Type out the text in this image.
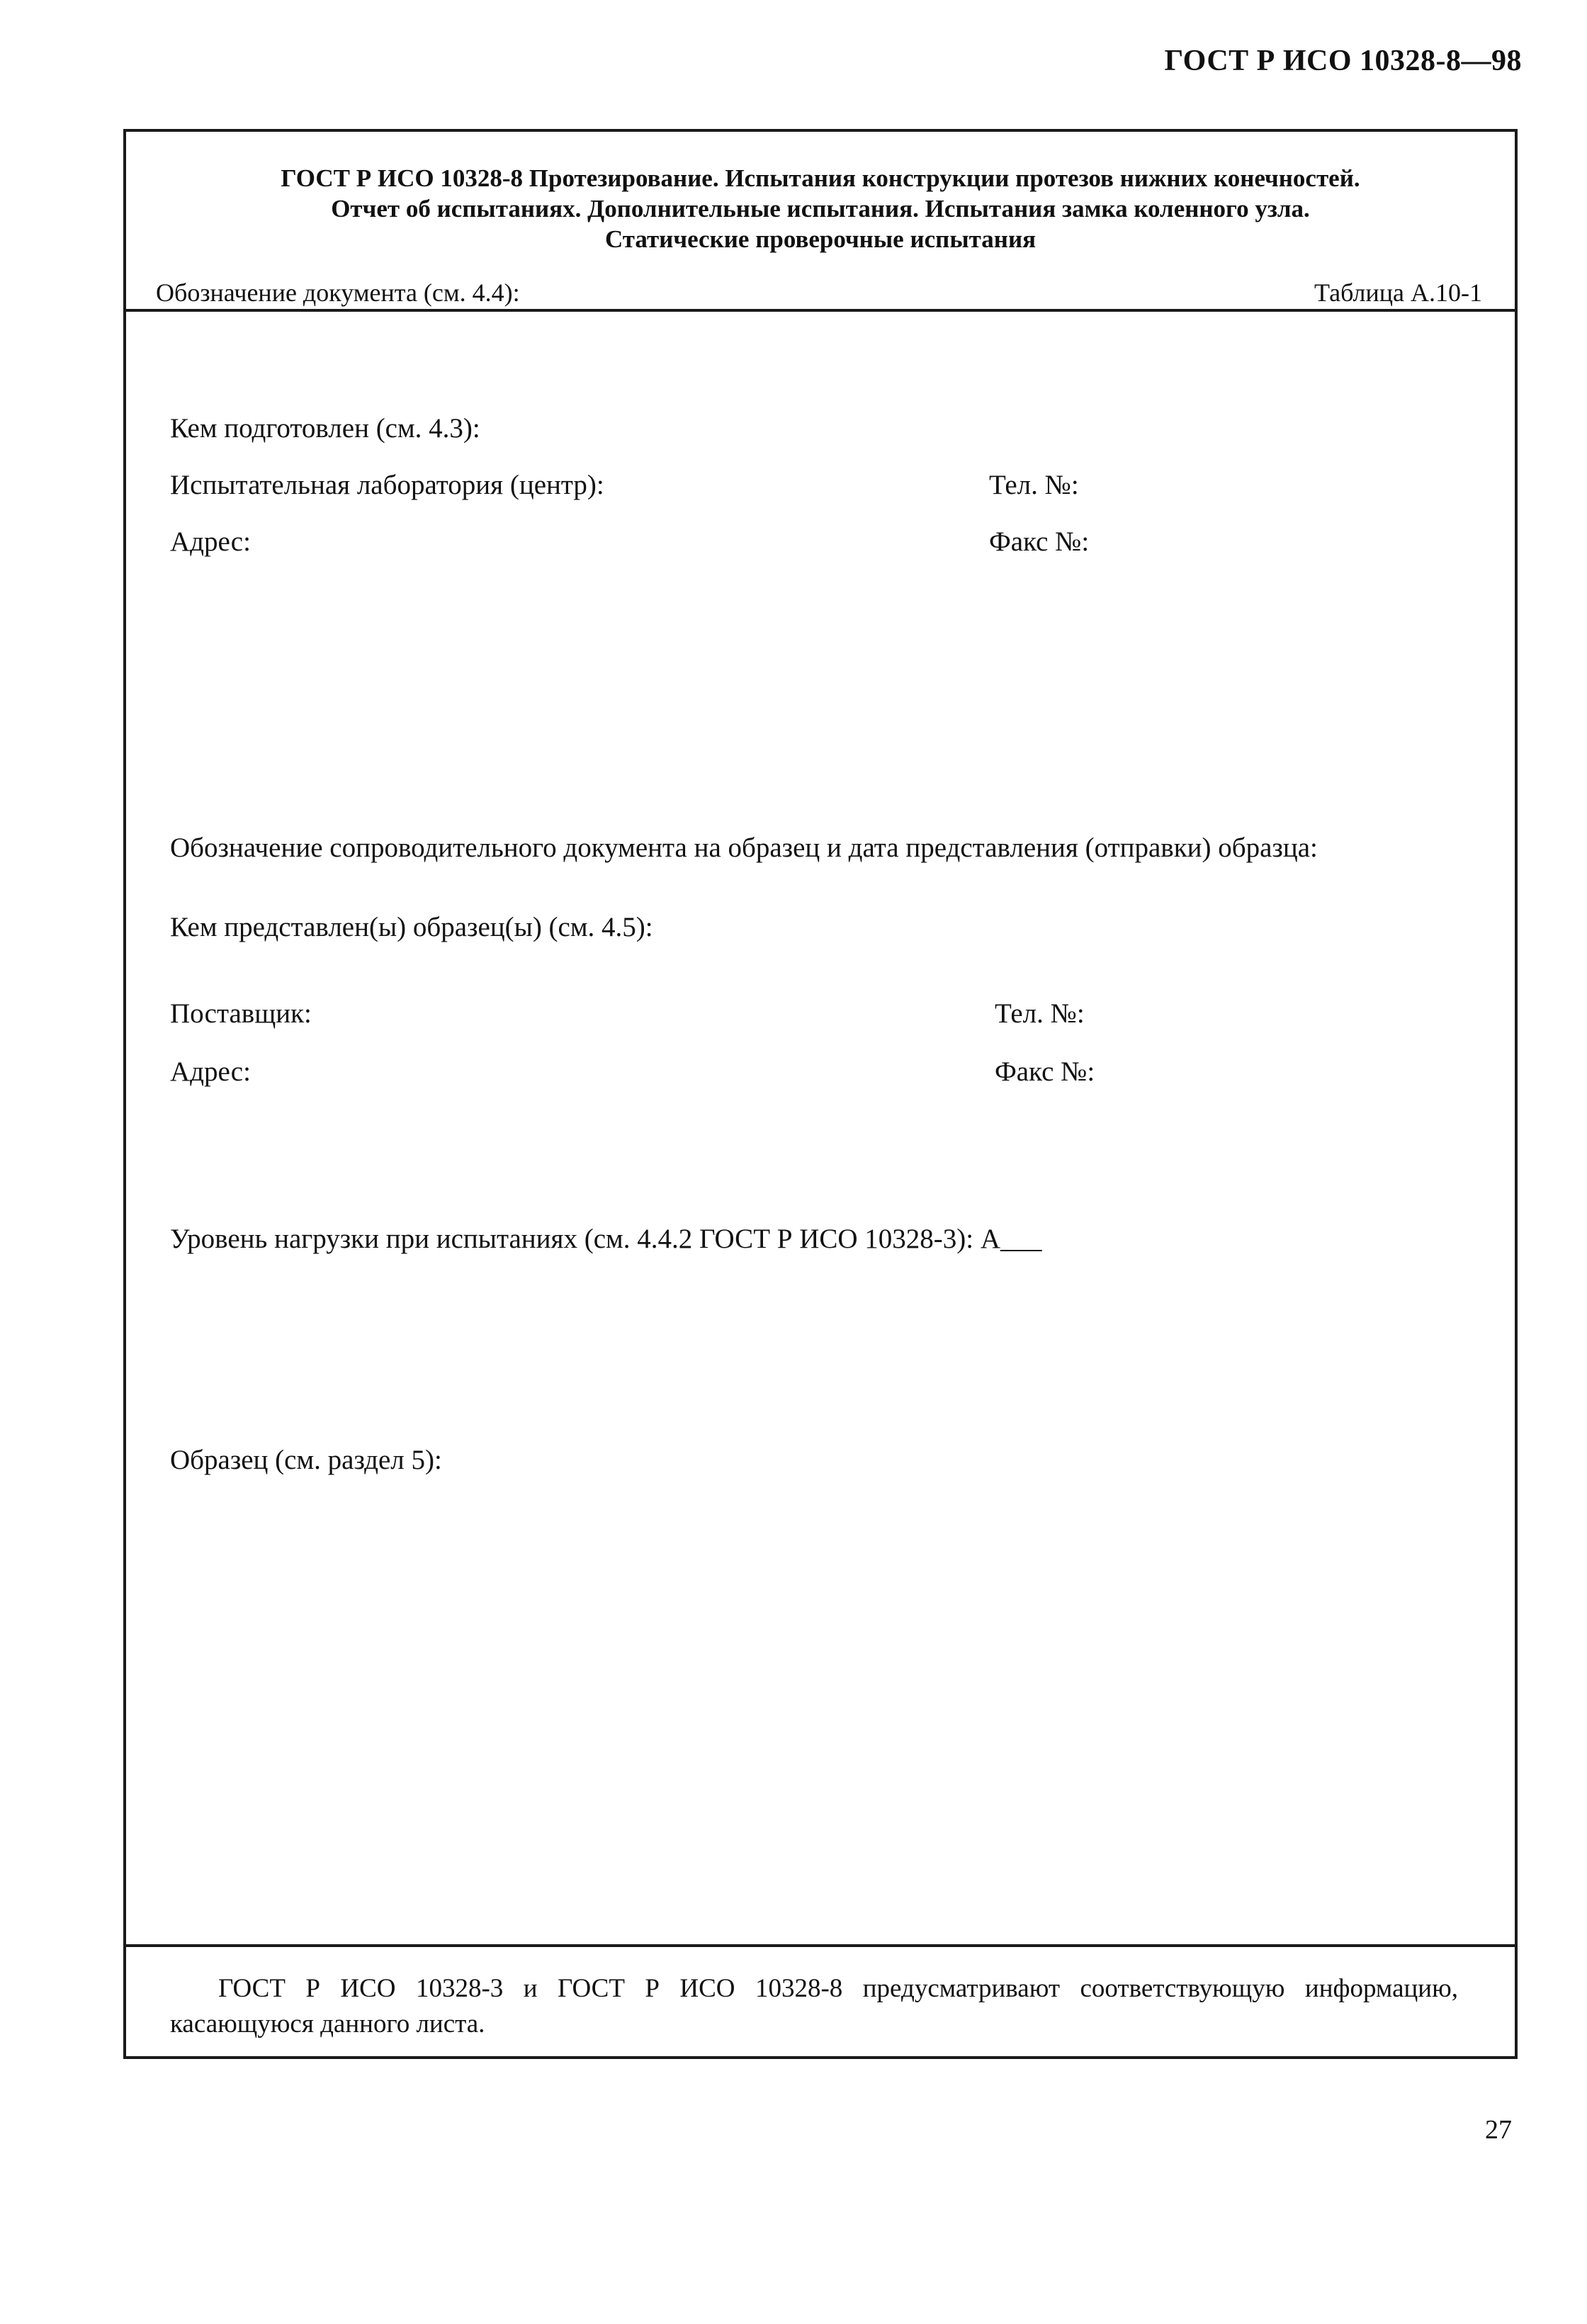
ГОСТ Р ИСО 10328-8—98
ГОСТ Р ИСО 10328-8 Протезирование. Испытания конструкции протезов нижних конечностей.
Отчет об испытаниях. Дополнительные испытания. Испытания замка коленного узла.
Статические проверочные испытания
Обозначение документа (см. 4.4):	Таблица А.10-1
Кем подготовлен (см. 4.3):
Испытательная лаборатория (центр):	Тел. №:
Адрес:	Факс №:
Обозначение сопроводительного документа на образец и дата представления (отправки) образца:
Кем представлен(ы) образец(ы) (см. 4.5):
Поставщик:	Тел. №:
Адрес:	Факс №:
Уровень нагрузки при испытаниях (см. 4.4.2 ГОСТ Р ИСО 10328-3): А___
Образец (см. раздел 5):
ГОСТ Р ИСО 10328-3 и ГОСТ Р ИСО 10328-8 предусматривают соответствующую информацию, касающуюся данного листа.
27
